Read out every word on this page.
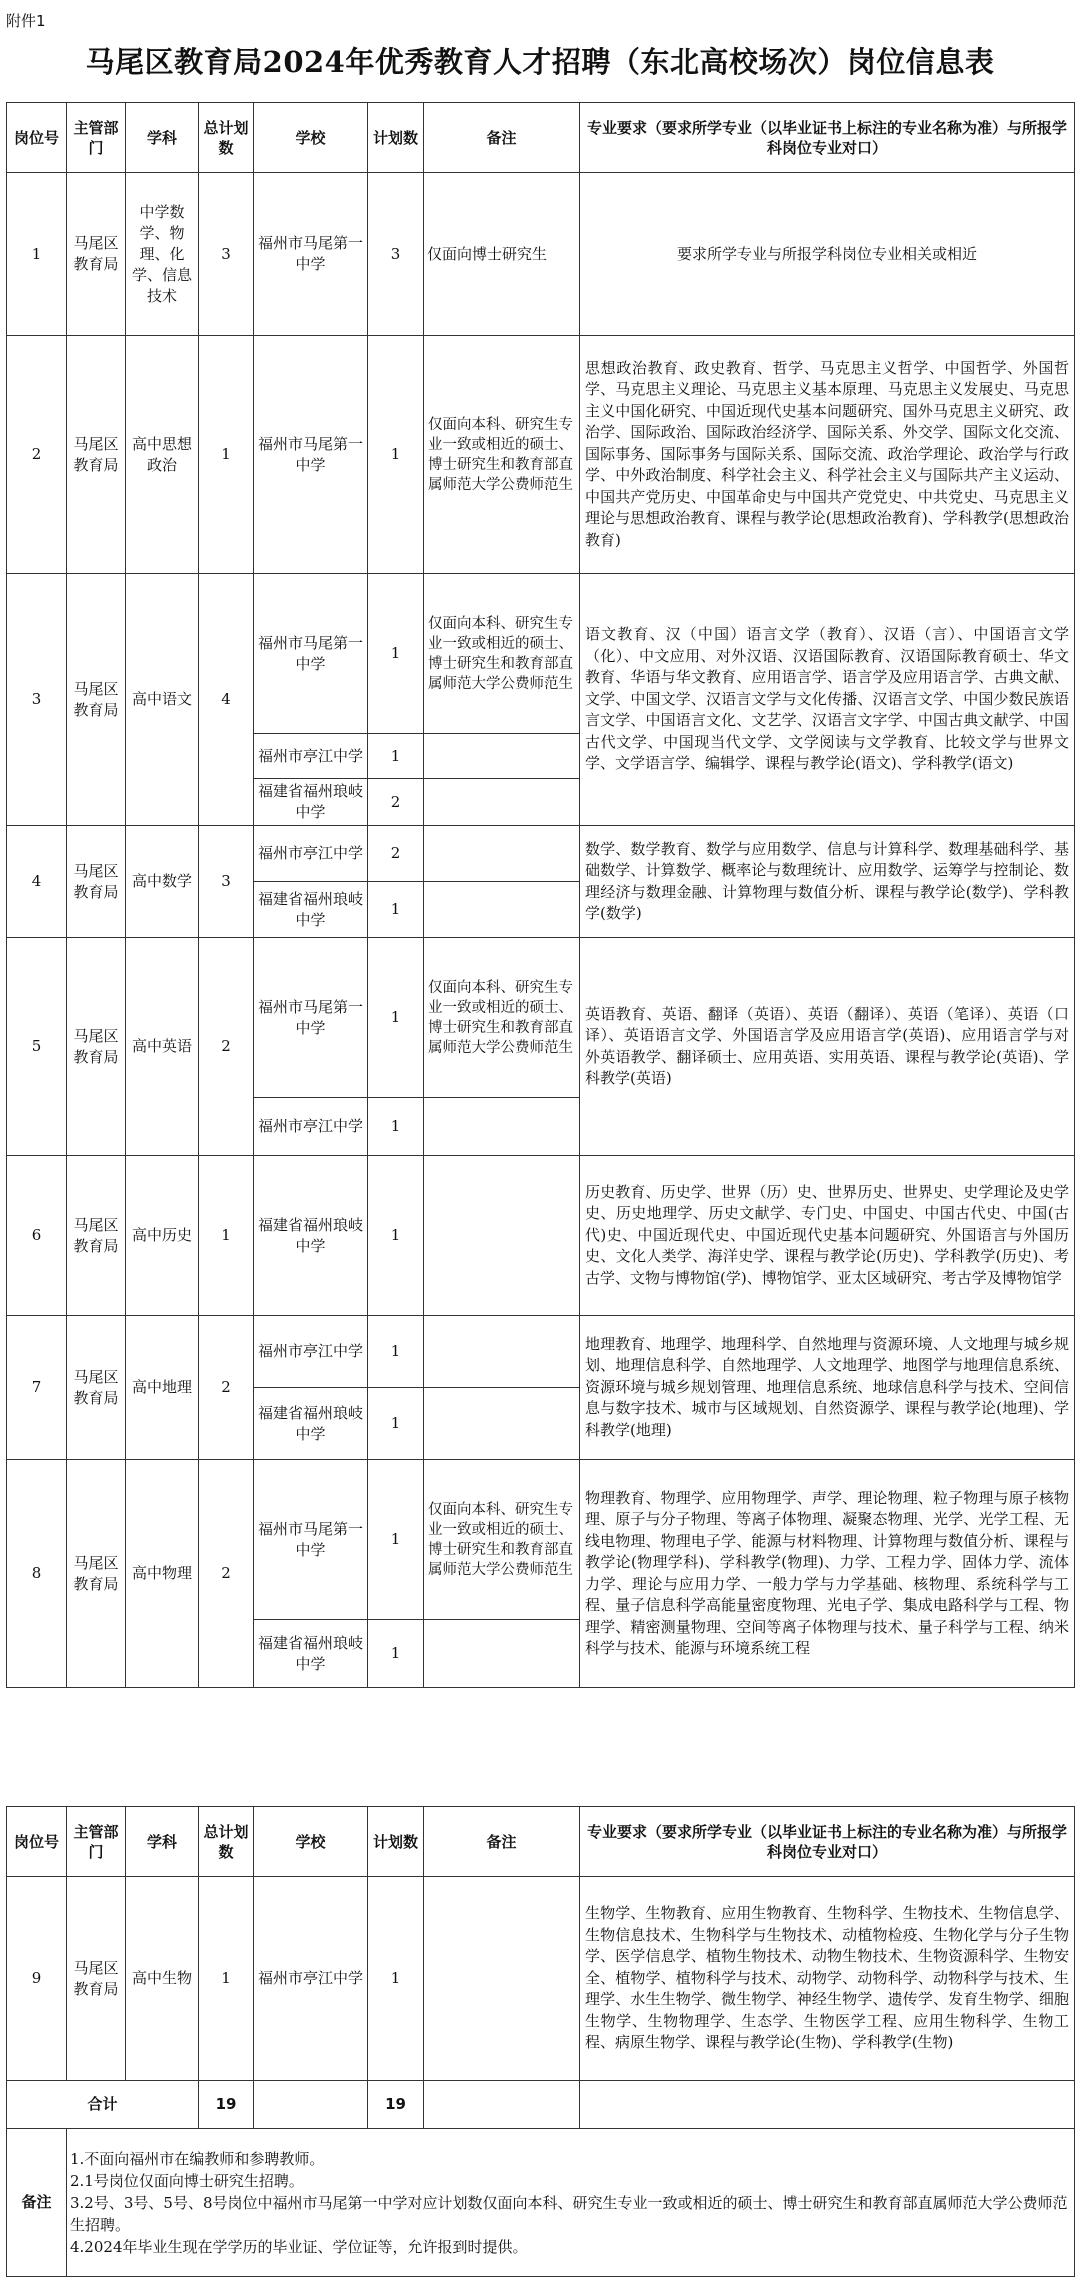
附件1
马尾区教育局2024年优秀教育人才招聘（东北高校场次）岗位信息表
岗位号	主管部门	学科	总计划数	学校	计划数	备注	专业要求（要求所学专业（以毕业证书上标注的专业名称为准）与所报学科岗位专业对口）
1	马尾区教育局	中学数学、物理、化学、信息技术	3	福州市马尾第一中学	3	仅面向博士研究生	要求所学专业与所报学科岗位专业相关或相近
2	马尾区教育局	高中思想政治	1	福州市马尾第一中学	1	仅面向本科、研究生专业一致或相近的硕士、博士研究生和教育部直属师范大学公费师范生	思想政治教育、政史教育、哲学、马克思主义哲学、中国哲学、外国哲学、马克思主义理论、马克思主义基本原理、马克思主义发展史、马克思主义中国化研究、中国近现代史基本问题研究、国外马克思主义研究、政治学、国际政治、国际政治经济学、国际关系、外交学、国际文化交流、国际事务、国际事务与国际关系、国际交流、政治学理论、政治学与行政学、中外政治制度、科学社会主义、科学社会主义与国际共产主义运动、中国共产党历史、中国革命史与中国共产党党史、中共党史、马克思主义理论与思想政治教育、课程与教学论(思想政治教育)、学科教学(思想政治教育)
3	马尾区教育局	高中语文	4	福州市马尾第一中学	1	仅面向本科、研究生专业一致或相近的硕士、博士研究生和教育部直属师范大学公费师范生	语文教育、汉（中国）语言文学（教育）、汉语（言）、中国语言文学（化）、中文应用、对外汉语、汉语国际教育、汉语国际教育硕士、华文教育、华语与华文教育、应用语言学、语言学及应用语言学、古典文献、文学、中国文学、汉语言文学与文化传播、汉语言文学、中国少数民族语言文学、中国语言文化、文艺学、汉语言文字学、中国古典文献学、中国古代文学、中国现当代文学、文学阅读与文学教育、比较文学与世界文学、文学语言学、编辑学、课程与教学论(语文)、学科教学(语文)
				福州市亭江中学	1		
				福建省福州琅岐中学	2		
4	马尾区教育局	高中数学	3	福州市亭江中学	2		数学、数学教育、数学与应用数学、信息与计算科学、数理基础科学、基础数学、计算数学、概率论与数理统计、应用数学、运筹学与控制论、数理经济与数理金融、计算物理与数值分析、课程与教学论(数学)、学科教学(数学)
				福建省福州琅岐中学	1		
5	马尾区教育局	高中英语	2	福州市马尾第一中学	1	仅面向本科、研究生专业一致或相近的硕士、博士研究生和教育部直属师范大学公费师范生	英语教育、英语、翻译（英语）、英语（翻译）、英语（笔译）、英语（口译）、英语语言文学、外国语言学及应用语言学(英语)、应用语言学与对外英语教学、翻译硕士、应用英语、实用英语、课程与教学论(英语)、学科教学(英语)
				福州市亭江中学	1		
6	马尾区教育局	高中历史	1	福建省福州琅岐中学	1		历史教育、历史学、世界（历）史、世界历史、世界史、史学理论及史学史、历史地理学、历史文献学、专门史、中国史、中国古代史、中国(古代)史、中国近现代史、中国近现代史基本问题研究、外国语言与外国历史、文化人类学、海洋史学、课程与教学论(历史)、学科教学(历史)、考古学、文物与博物馆(学)、博物馆学、亚太区域研究、考古学及博物馆学
7	马尾区教育局	高中地理	2	福州市亭江中学	1		地理教育、地理学、地理科学、自然地理与资源环境、人文地理与城乡规划、地理信息科学、自然地理学、人文地理学、地图学与地理信息系统、资源环境与城乡规划管理、地理信息系统、地球信息科学与技术、空间信息与数字技术、城市与区域规划、自然资源学、课程与教学论(地理)、学科教学(地理)
				福建省福州琅岐中学	1		
8	马尾区教育局	高中物理	2	福州市马尾第一中学	1	仅面向本科、研究生专业一致或相近的硕士、博士研究生和教育部直属师范大学公费师范生	物理教育、物理学、应用物理学、声学、理论物理、粒子物理与原子核物理、原子与分子物理、等离子体物理、凝聚态物理、光学、光学工程、无线电物理、物理电子学、能源与材料物理、计算物理与数值分析、课程与教学论(物理学科)、学科教学(物理)、力学、工程力学、固体力学、流体力学、理论与应用力学、一般力学与力学基础、核物理、系统科学与工程、量子信息科学高能量密度物理、光电子学、集成电路科学与工程、物理学、精密测量物理、空间等离子体物理与技术、量子科学与工程、纳米科学与技术、能源与环境系统工程
				福建省福州琅岐中学	1		
岗位号	主管部门	学科	总计划数	学校	计划数	备注	专业要求（要求所学专业（以毕业证书上标注的专业名称为准）与所报学科岗位专业对口）
9	马尾区教育局	高中生物	1	福州市亭江中学	1		生物学、生物教育、应用生物教育、生物科学、生物技术、生物信息学、生物信息技术、生物科学与生物技术、动植物检疫、生物化学与分子生物学、医学信息学、植物生物技术、动物生物技术、生物资源科学、生物安全、植物学、植物科学与技术、动物学、动物科学、动物科学与技术、生理学、水生生物学、微生物学、神经生物学、遗传学、发育生物学、细胞生物学、生物物理学、生态学、生物医学工程、应用生物科学、生物工程、病原生物学、课程与教学论(生物)、学科教学(生物)
合计			19		19		
备注	1.不面向福州市在编教师和参聘教师。
2.1号岗位仅面向博士研究生招聘。
3.2号、3号、5号、8号岗位中福州市马尾第一中学对应计划数仅面向本科、研究生专业一致或相近的硕士、博士研究生和教育部直属师范大学公费师范生招聘。
4.2024年毕业生现在学学历的毕业证、学位证等，允许报到时提供。						
